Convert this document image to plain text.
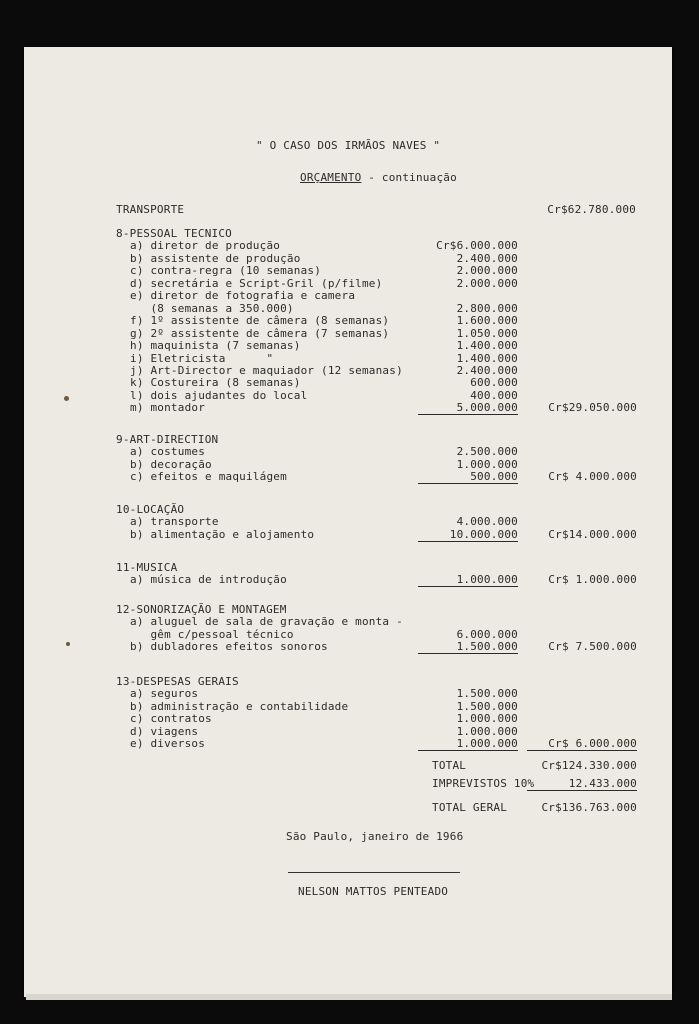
" O CASO DOS IRMÃOS NAVES "
ORÇAMENTO - continuação
TRANSPORTE	Cr$62.780.000
8-PESSOAL TECNICO
a) diretor de produção	Cr$6.000.000
b) assistente de produção	2.400.000
c) contra-regra (10 semanas)	2.000.000
d) secretária e Script-Gril (p/filme)	2.000.000
e) diretor de fotografia e camera
(8 semanas a 350.000)	2.800.000
f) 1º assistente de câmera (8 semanas)	1.600.000
g) 2º assistente de câmera (7 semanas)	1.050.000
h) maquinista (7 semanas)	1.400.000
i) Eletricista      "	1.400.000
j) Art-Director e maquiador (12 semanas)	2.400.000
k) Costureira (8 semanas)	600.000
l) dois ajudantes do local	400.000
m) montador	5.000.000	Cr$29.050.000
9-ART-DIRECTION
a) costumes	2.500.000
b) decoração	1.000.000
c) efeitos e maquilágem	500.000	Cr$ 4.000.000
10-LOCAÇÃO
a) transporte	4.000.000
b) alimentação e alojamento	10.000.000	Cr$14.000.000
11-MUSICA
a) música de introdução	1.000.000	Cr$ 1.000.000
12-SONORIZAÇÃO E MONTAGEM
a) aluguel de sala de gravação e monta -
gêm c/pessoal técnico	6.000.000
b) dubladores efeitos sonoros	1.500.000	Cr$ 7.500.000
13-DESPESAS GERAIS
a) seguros	1.500.000
b) administração e contabilidade	1.500.000
c) contratos	1.000.000
d) viagens	1.000.000
e) diversos	1.000.000	Cr$ 6.000.000
TOTAL	Cr$124.330.000
IMPREVISTOS 10%	12.433.000
TOTAL GERAL	Cr$136.763.000
São Paulo, janeiro de 1966
NELSON MATTOS PENTEADO
